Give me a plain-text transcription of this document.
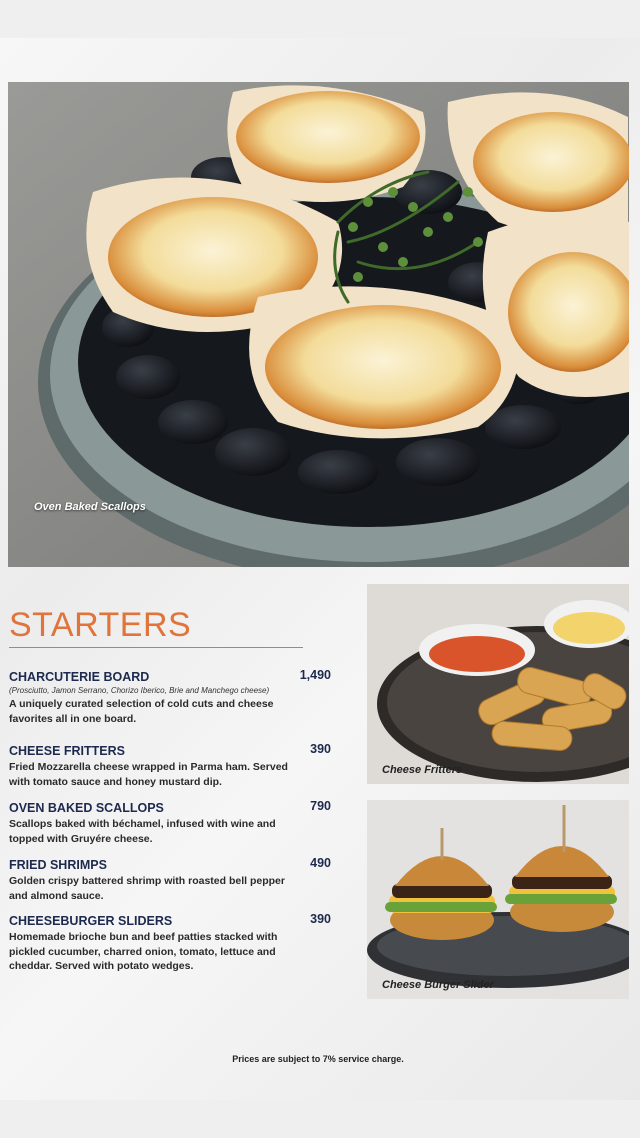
Oven Baked Scallops
STARTERS
CHARCUTERIE BOARD	1,490
(Prosciutto, Jamon Serrano, Chorizo Iberico, Brie and Manchego cheese)
A uniquely curated selection of cold cuts and cheese favorites all in one board.
CHEESE FRITTERS	390
Fried Mozzarella cheese wrapped in Parma ham. Served with tomato sauce and honey mustard dip.
OVEN BAKED SCALLOPS	790
Scallops baked with béchamel, infused with wine and topped with Gruyére cheese.
FRIED SHRIMPS	490
Golden crispy battered shrimp with roasted bell pepper and almond sauce.
CHEESEBURGER SLIDERS	390
Homemade brioche bun and beef patties stacked with pickled cucumber, charred onion, tomato, lettuce and cheddar. Served with potato wedges.
Cheese Fritters
Cheese Burger Slider
Prices are subject to 7% service charge.
